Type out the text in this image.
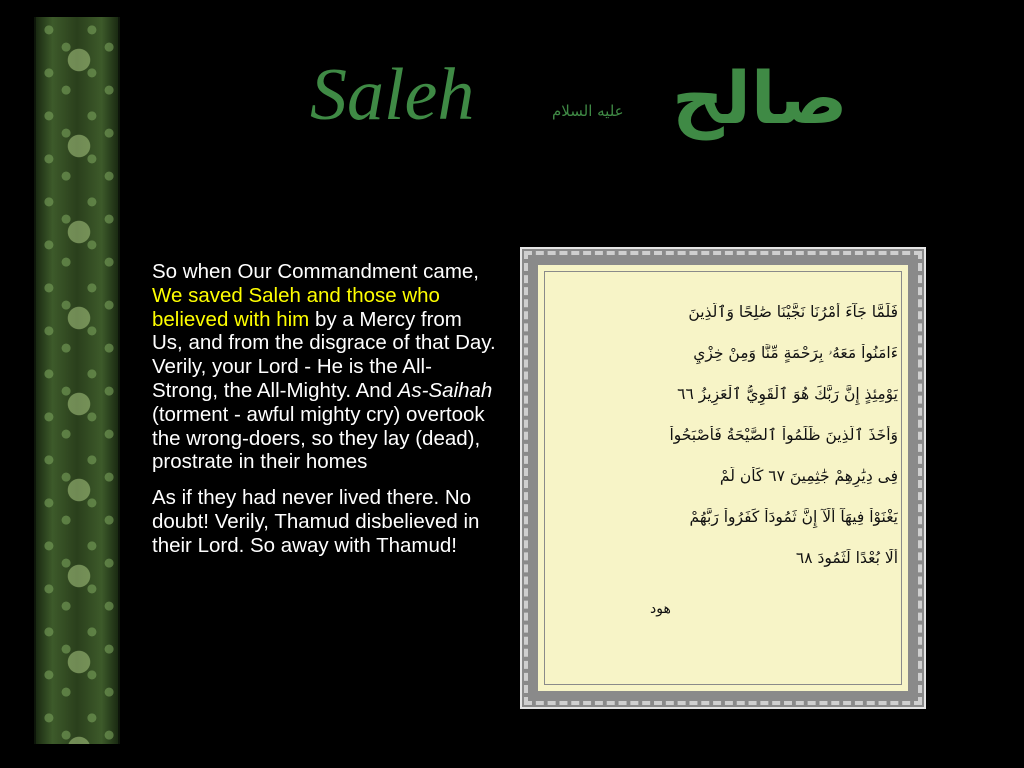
Saleh	عليه السلام صالح

So when Our Commandment came, We saved Saleh and those who believed with him by a Mercy from Us, and from the disgrace of that Day. Verily, your Lord - He is the All-Strong, the All-Mighty. And As-Saihah (torment - awful mighty cry) overtook the wrong-doers, so they lay (dead), prostrate in their homes

As if they had never lived there. No doubt! Verily, Thamud disbelieved in their Lord. So away with Thamud!

فَلَمَّا جَآءَ أَمْرُنَا نَجَّيْنَا صَٰلِحًا وَٱلَّذِينَ
ءَامَنُواْ مَعَهُۥ بِرَحْمَةٍ مِّنَّا وَمِنْ خِزْيِ
يَوْمِئِذٍ إِنَّ رَبَّكَ هُوَ ٱلْقَوِيُّ ٱلْعَزِيزُ ٦٦
وَأَخَذَ ٱلَّذِينَ ظَلَمُواْ ٱلصَّيْحَةُ فَأَصْبَحُواْ
فِى دِيَٰرِهِمْ جَٰثِمِينَ ٦٧ كَأَن لَّمْ
يَغْنَوْاْ فِيهَآ أَلَآ إِنَّ ثَمُودَاْ كَفَرُواْ رَبَّهُمْ
أَلَا بُعْدًا لِّثَمُودَ ٦٨
هود
